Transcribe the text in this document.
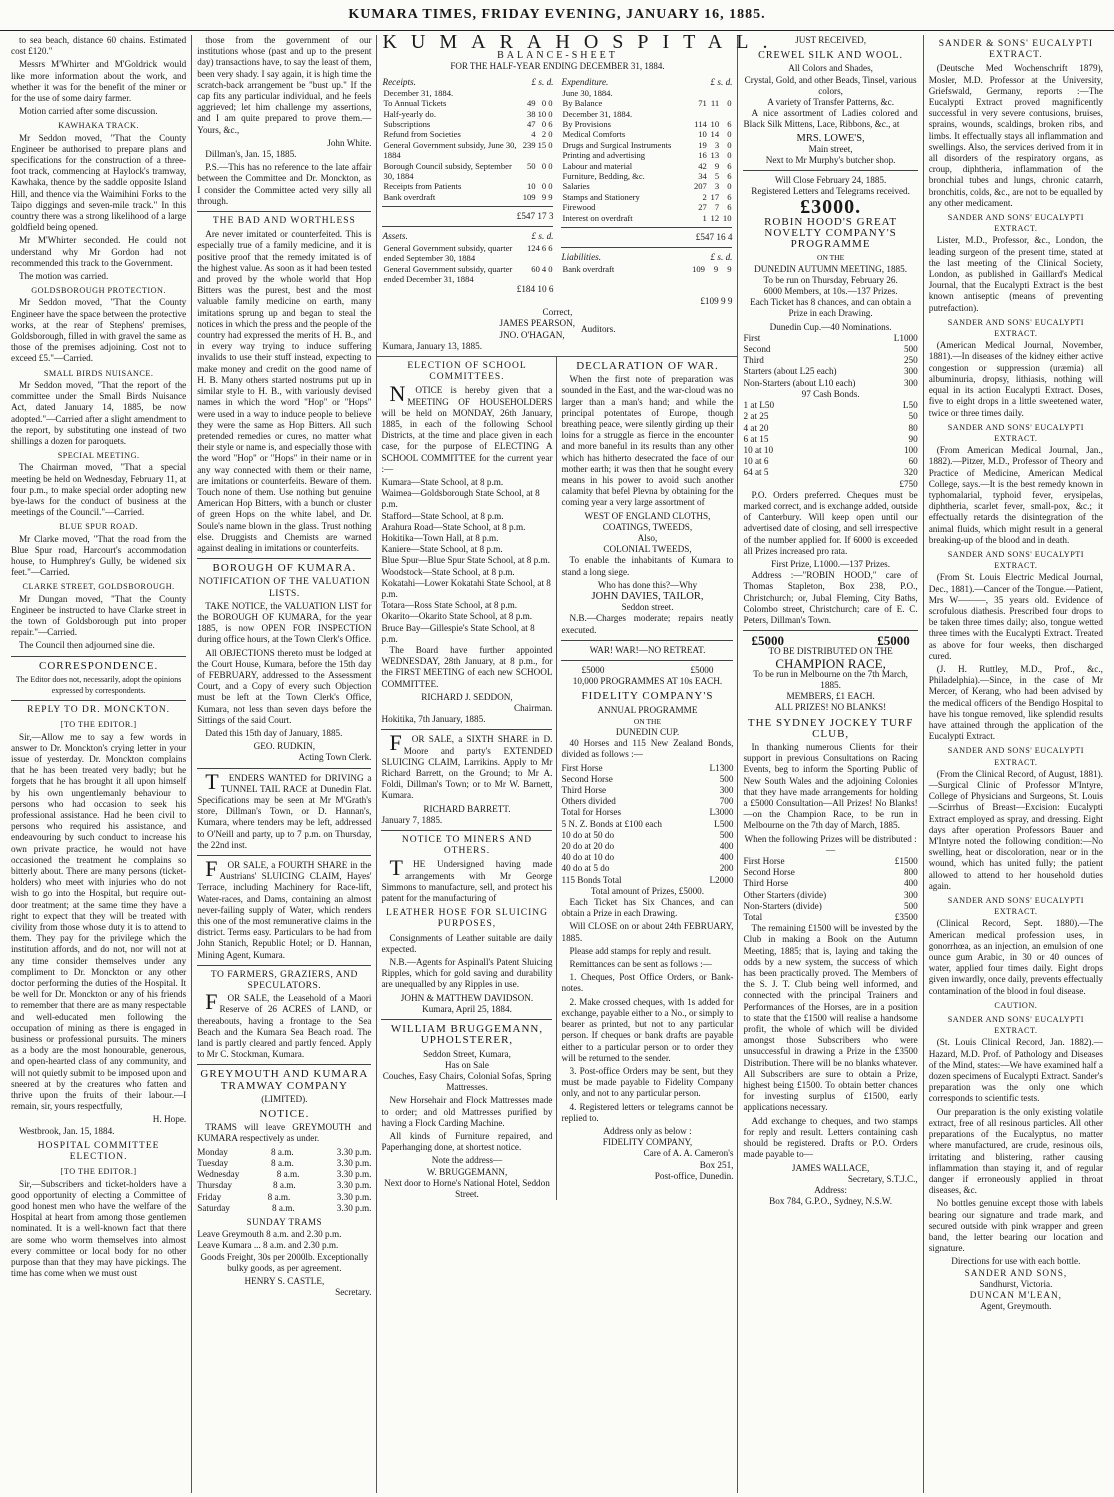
KUMARA TIMES, FRIDAY EVENING, JANUARY 16, 1885.

to sea beach, distance 60 chains. Estimated cost £120."

Messrs M'Whirter and M'Goldrick would like more information about the work, and whether it was for the benefit of the miner or for the use of some dairy farmer.

Motion carried after some discussion.

KAWHAKA TRACK.

Mr Seddon moved, "That the County Engineer be authorised to prepare plans and specifications for the construction of a three-foot track, commencing at Haylock's tramway, Kawhaka, thence by the saddle opposite Island Hill, and thence via the Waimihini Forks to the Taipo diggings and seven-mile track." In this country there was a strong likelihood of a large goldfield being opened.

Mr M'Whirter seconded. He could not understand why Mr Gordon had not recommended this track to the Government.

The motion was carried.

GOLDSBOROUGH PROTECTION.

Mr Seddon moved, "That the County Engineer have the space between the protective works, at the rear of Stephens' premises, Goldsborough, filled in with gravel the same as those of the premises adjoining. Cost not to exceed £5."—Carried.

SMALL BIRDS NUISANCE.

Mr Seddon moved, "That the report of the committee under the Small Birds Nuisance Act, dated January 14, 1885, be now adopted."—Carried after a slight amendment to the report, by substituting one instead of two shillings a dozen for paroquets.

SPECIAL MEETING.

The Chairman moved, "That a special meeting be held on Wednesday, February 11, at four p.m., to make special order adopting new bye-laws for the conduct of business at the meetings of the Council."—Carried.

BLUE SPUR ROAD.

Mr Clarke moved, "That the road from the Blue Spur road, Harcourt's accommodation house, to Humphrey's Gully, be widened six feet."—Carried.

CLARKE STREET, GOLDSBOROUGH.

Mr Dungan moved, "That the County Engineer be instructed to have Clarke street in the town of Goldsborough put into proper repair."—Carried.

The Council then adjourned sine die.

CORRESPONDENCE.

The Editor does not, necessarily, adopt the opinions expressed by correspondents.

REPLY TO DR. MONCKTON.
[TO THE EDITOR.]

Sir,—Allow me to say a few words in answer to Dr. Monckton's crying letter in your issue of yesterday. Dr. Monckton complains that he has been treated very badly; but he forgets that he has brought it all upon himself by his own ungentlemanly behaviour to persons who had occasion to seek his professional assistance. Had he been civil to persons who required his assistance, and endeavouring by such conduct to increase his own private practice, he would not have occasioned the treatment he complains so bitterly about. There are many persons (ticket-holders) who meet with injuries who do not wish to go into the Hospital, but require out-door treatment; at the same time they have a right to expect that they will be treated with civility from those whose duty it is to attend to them. They pay for the privilege which the institution affords, and do not, nor will not at any time consider themselves under any compliment to Dr. Monckton or any other doctor performing the duties of the Hospital. It be well for Dr. Monckton or any of his friends to remember that there are as many respectable and well-educated men following the occupation of mining as there is engaged in business or professional pursuits. The miners as a body are the most honourable, generous, and open-hearted class of any community, and will not quietly submit to be imposed upon and sneered at by the creatures who fatten and thrive upon the fruits of their labour.—I remain, sir, yours respectfully,

H. Hope.

Westbrook, Jan. 15, 1884.

HOSPITAL COMMITTEE ELECTION.
[TO THE EDITOR.]

Sir,—Subscribers and ticket-holders have a good opportunity of electing a Committee of good honest men who have the welfare of the Hospital at heart from among those gentlemen nominated. It is a well-known fact that there are some who worm themselves into almost every committee or local body for no other purpose than that they may have pickings. The time has come when we must oust

those from the government of our institutions whose (past and up to the present day) transactions have, to say the least of them, been very shady. I say again, it is high time the scratch-back arrangement be "bust up." If the cap fits any particular individual, and he feels aggrieved; let him challenge my assertions, and I am quite prepared to prove them.—Yours, &c.,

John White.

Dillman's, Jan. 15, 1885.

P.S.—This has no reference to the late affair between the Committee and Dr. Monckton, as I consider the Committee acted very silly all through.

THE BAD AND WORTHLESS

Are never imitated or counterfeited. This is especially true of a family medicine, and it is positive proof that the remedy imitated is of the highest value. As soon as it had been tested and proved by the whole world that Hop Bitters was the purest, best and the most valuable family medicine on earth, many imitations sprung up and began to steal the notices in which the press and the people of the country had expressed the merits of H. B., and in every way trying to induce suffering invalids to use their stuff instead, expecting to make money and credit on the good name of H. B. Many others started nostrums put up in similar style to H. B., with variously devised names in which the word "Hop" or "Hops" were used in a way to induce people to believe they were the same as Hop Bitters. All such pretended remedies or cures, no matter what their style or name is, and especially those with the word "Hop" or "Hops" in their name or in any way connected with them or their name, are imitations or counterfeits. Beware of them. Touch none of them. Use nothing but genuine American Hop Bitters, with a bunch or cluster of green Hops on the white label, and Dr. Soule's name blown in the glass. Trust nothing else. Druggists and Chemists are warned against dealing in imitations or counterfeits.

BOROUGH OF KUMARA.
NOTIFICATION OF THE VALUATION LISTS.

TAKE NOTICE, the VALUATION LIST for the BOROUGH OF KUMARA, for the year 1885, is now OPEN FOR INSPECTION during office hours, at the Town Clerk's Office.

All OBJECTIONS thereto must be lodged at the Court House, Kumara, before the 15th day of FEBRUARY, addressed to the Assessment Court, and a Copy of every such Objection must be left at the Town Clerk's Office, Kumara, not less than seven days before the Sittings of the said Court.

Dated this 15th day of January, 1885.

GEO. RUDKIN,
Acting Town Clerk.

TENDERS WANTED for DRIVING a TUNNEL TAIL RACE at Dunedin Flat. Specifications may be seen at Mr M'Grath's store, Dillman's Town, or D. Hannan's, Kumara, where tenders may be left, addressed to O'Neill and party, up to 7 p.m. on Thursday, the 22nd inst.

FOR SALE, a FOURTH SHARE in the Austrians' SLUICING CLAIM, Hayes' Terrace, including Machinery for Race-lift, Water-races, and Dams, containing an almost never-failing supply of Water, which renders this one of the most remunerative claims in the district. Terms easy. Particulars to be had from John Stanich, Republic Hotel; or D. Hannan, Mining Agent, Kumara.

TO FARMERS, GRAZIERS, AND SPECULATORS.

FOR SALE, the Leasehold of a Maori Reserve of 26 ACRES of LAND, or thereabouts, having a frontage to the Sea Beach and the Kumara Sea Beach road. The land is partly cleared and partly fenced. Apply to Mr C. Stockman, Kumara.

GREYMOUTH AND KUMARA TRAMWAY COMPANY
(LIMITED).
NOTICE.

TRAMS will leave GREYMOUTH and KUMARA respectively as under.

Monday	8 a.m.	3.30 p.m.
Tuesday	8 a.m.	3.30 p.m.
Wednesday	8 a.m.	3.30 p.m.
Thursday	8 a.m.	3.30 p.m.
Friday	8 a.m.	3.30 p.m.
Saturday	8 a.m.	3.30 p.m.
SUNDAY TRAMS
Leave Greymouth 8 a.m. and 2.30 p.m.
Leave Kumara ... 8 a.m. and 2.30 p.m.

Goods Freight, 30s per 2000lb. Exceptionally bulky goods, as per agreement.

HENRY S. CASTLE,
Secretary.
KUMARA HOSPITAL.
BALANCE-SHEET
FOR THE HALF-YEAR ENDING DECEMBER 31, 1884.
Receipts.	£ s. d.
December 31, 1884.			
To Annual Tickets	49	0	0
Half-yearly do.	38	10	0
Subscriptions	47	0	6
Refund from Societies	4	2	0
General Government subsidy, June 30, 1884	239	15	0
Borough Council subsidy, September 30, 1884	50	0	0
Receipts from Patients	10	0	0
Bank overdraft	109	9	9
£547 17 3
Assets.	£ s. d.
General Government subsidy, quarter ended September 30, 1884	124	6	6
General Government subsidy, quarter ended December 31, 1884	60	4	0
£184 10 6
Expenditure.	£ s. d.
June 30, 1884.			
By Balance	71	11	0
December 31, 1884.			
By Provisions	114	10	6
Medical Comforts	10	14	0
Drugs and Surgical Instruments	19	3	0
Printing and advertising	16	13	0
Labour and material	42	9	6
Furniture, Bedding, &c.	34	5	6
Salaries	207	3	0
Stamps and Stationery	2	17	6
Firewood	27	7	6
Interest on overdraft	1	12	10
£547 16 4
Liabilities.	£ s. d.
Bank overdraft	109	9	9
£109 9 9
Correct,
JAMES PEARSON,
JNO. O'HAGAN,
Auditors.
Kumara, January 13, 1885.
ELECTION OF SCHOOL COMMITTEES.

NOTICE is hereby given that a MEETING OF HOUSEHOLDERS will be held on MONDAY, 26th January, 1885, in each of the following School Districts, at the time and place given in each case, for the purpose of ELECTING A SCHOOL COMMITTEE for the current year :—

Kumara—State School, at 8 p.m.
Waimea—Goldsborough State School, at 8 p.m.
Stafford—State School, at 8 p.m.
Arahura Road—State School, at 8 p.m.
Hokitika—Town Hall, at 8 p.m.
Kaniere—State School, at 8 p.m.
Blue Spur—Blue Spur State School, at 8 p.m.
Woodstock—State School, at 8 p.m.
Kokatahi—Lower Kokatahi State School, at 8 p.m.
Totara—Ross State School, at 8 p.m.
Okarito—Okarito State School, at 8 p.m.
Bruce Bay—Gillespie's State School, at 8 p.m.

The Board have further appointed WEDNESDAY, 28th January, at 8 p.m., for the FIRST MEETING of each new SCHOOL COMMITTEE.

RICHARD J. SEDDON,
Chairman.
Hokitika, 7th January, 1885.

FOR SALE, a SIXTH SHARE in D. Moore and party's EXTENDED SLUICING CLAIM, Larrikins. Apply to Mr Richard Barrett, on the Ground; to Mr A. Foldi, Dillman's Town; or to Mr W. Barnett, Kumara.

RICHARD BARRETT.
January 7, 1885.
NOTICE TO MINERS AND OTHERS.

THE Undersigned having made arrangements with Mr George Simmons to manufacture, sell, and protect his patent for the manufacturing of

LEATHER HOSE FOR SLUICING PURPOSES,

Consignments of Leather suitable are daily expected.

N.B.—Agents for Aspinall's Patent Sluicing Ripples, which for gold saving and durability are unequalled by any Ripples in use.

JOHN & MATTHEW DAVIDSON.
Kumara, April 25, 1884.
WILLIAM BRUGGEMANN, UPHOLSTERER,
Seddon Street, Kumara,
Has on Sale

Couches, Easy Chairs, Colonial Sofas, Spring Mattresses.

New Horsehair and Flock Mattresses made to order; and old Mattresses purified by having a Flock Carding Machine.

All kinds of Furniture repaired, and Paperhanging done, at shortest notice.

Note the address—
W. BRUGGEMANN,
Next door to Horne's National Hotel, Seddon Street.
DECLARATION OF WAR.

When the first note of preparation was sounded in the East, and the war-cloud was no larger than a man's hand; and while the principal potentates of Europe, though breathing peace, were silently girding up their loins for a struggle as fierce in the encounter and more baneful in its results than any other which has hitherto desecrated the face of our mother earth; it was then that he sought every means in his power to avoid such another calamity that befel Plevna by obtaining for the coming year a very large assortment of

WEST OF ENGLAND CLOTHS, COATINGS, TWEEDS,
Also,
COLONIAL TWEEDS,

To enable the inhabitants of Kumara to stand a long siege.

Who has done this?—Why
JOHN DAVIES, TAILOR,
Seddon street.

N.B.—Charges moderate; repairs neatly executed.

WAR! WAR!—NO RETREAT.
£5000	£5000
10,000 PROGRAMMES AT 10s EACH.
FIDELITY COMPANY'S
ANNUAL PROGRAMME
ON THE
DUNEDIN CUP.

40 Horses and 115 New Zealand Bonds, divided as follows :—

First Horse	L1300
Second Horse	500
Third Horse	300
Others divided	700
Total for Horses	L3000
5 N. Z. Bonds at £100 each	L500
10 do at 50 do	500
20 do at 20 do	400
40 do at 10 do	400
40 do at 5 do	200
115 Bonds Total	L2000
Total amount of Prizes, £5000.

Each Ticket has Six Chances, and can obtain a Prize in each Drawing.

Will CLOSE on or about 24th FEBRUARY, 1885.

Please add stamps for reply and result.

Remittances can be sent as follows :—

1. Cheques, Post Office Orders, or Bank-notes.

2. Make crossed cheques, with 1s added for exchange, payable either to a No., or simply to bearer as printed, but not to any particular person. If cheques or bank drafts are payable either to a particular person or to order they will be returned to the sender.

3. Post-office Orders may be sent, but they must be made payable to Fidelity Company only, and not to any particular person.

4. Registered letters or telegrams cannot be replied to.

Address only as below :
FIDELITY COMPANY,
Care of A. A. Cameron's
Box 251,
Post-office, Dunedin.
JUST RECEIVED,
CREWEL SILK AND WOOL.
All Colors and Shades,
Crystal, Gold, and other Beads, Tinsel, various colors,
A variety of Transfer Patterns, &c.

A nice assortment of Ladies colored and Black Silk Mittens, Lace, Ribbons, &c., at

MRS. LOWE'S,
Main street,
Next to Mr Murphy's butcher shop.
Will Close February 24, 1885.
Registered Letters and Telegrams received.
£3000.
ROBIN HOOD'S GREAT NOVELTY COMPANY'S PROGRAMME
ON THE
DUNEDIN AUTUMN MEETING, 1885.
To be run on Thursday, February 26.
6000 Members, at 10s.—137 Prizes.

Each Ticket has 8 chances, and can obtain a Prize in each Drawing.

Dunedin Cup.—40 Nominations.
First	L1000
Second	500
Third	250
Starters (about L25 each)	300
Non-Starters (about L10 each)	300
97 Cash Bonds.
1 at L50	L50
2 at 25	50
4 at 20	80
6 at 15	90
10 at 10	100
10 at 6	60
64 at 5	320
£750

P.O. Orders preferred. Cheques must be marked correct, and is exchange added, outside of Canterbury. Will keep open until our advertised date of closing, and sell irrespective of the number applied for. If 6000 is exceeded all Prizes increased pro rata.

First Prize, L1000.—137 Prizes.

Address :—"ROBIN HOOD," care of Thomas Stapleton, Box 238, P.O., Christchurch; or, Jubal Fleming, City Baths, Colombo street, Christchurch; care of E. C. Peters, Dillman's Town.

£5000	£5000
TO BE DISTRIBUTED ON THE
CHAMPION RACE,
To be run in Melbourne on the 7th March, 1885.
MEMBERS, £1 EACH.
ALL PRIZES! NO BLANKS!
THE SYDNEY JOCKEY TURF CLUB,

In thanking numerous Clients for their support in previous Consultations on Racing Events, beg to inform the Sporting Public of New South Wales and the adjoining Colonies that they have made arrangements for holding a £5000 Consultation—All Prizes! No Blanks!—on the Champion Race, to be run in Melbourne on the 7th day of March, 1885.

When the following Prizes will be distributed :—
First Horse	£1500
Second Horse	800
Third Horse	400
Other Starters (divide)	300
Non-Starters (divide)	500
Total	£3500

The remaining £1500 will be invested by the Club in making a Book on the Autumn Meeting, 1885; that is, laying and taking the odds by a new system, the success of which has been practically proved. The Members of the S. J. T. Club being well informed, and connected with the principal Trainers and Performances of the Horses, are in a position to state that the £1500 will realise a handsome profit, the whole of which will be divided amongst those Subscribers who were unsuccessful in drawing a Prize in the £3500 Distribution. There will be no blanks whatever. All Subscribers are sure to obtain a Prize, highest being £1500. To obtain better chances for investing surplus of £1500, early applications necessary.

Add exchange to cheques, and two stamps for reply and result. Letters containing cash should be registered. Drafts or P.O. Orders made payable to—

JAMES WALLACE,
Secretary, S.T.J.C.,
Address:
Box 784, G.P.O., Sydney, N.S.W.
SANDER & SONS' EUCALYPTI EXTRACT.

(Deutsche Med Wochenschrift 1879), Mosler, M.D. Professor at the University, Griefswald, Germany, reports :—The Eucalypti Extract proved magnificently successful in very severe contusions, bruises, sprains, wounds, scaldings, broken ribs, and limbs. It effectually stays all inflammation and swellings. Also, the services derived from it in all disorders of the respiratory organs, as croup, diphtheria, inflammation of the bronchial tubes and lungs, chronic catarrh, bronchitis, colds, &c., are not to be equalled by any other medicament.

SANDER AND SONS' EUCALYPTI EXTRACT.

Lister, M.D., Professor, &c., London, the leading surgeon of the present time, stated at the last meeting of the Clinical Society, London, as published in Gaillard's Medical Journal, that the Eucalypti Extract is the best known antiseptic (means of preventing putrefaction).

SANDER AND SONS' EUCALYPTI EXTRACT.

(American Medical Journal, November, 1881).—In diseases of the kidney either active congestion or suppression (uræmia) all albuminuria, dropsy, lithiasis, nothing will equal in its action Eucalypti Extract. Doses, five to eight drops in a little sweetened water, twice or three times daily.

SANDER AND SONS' EUCALYPTI EXTRACT.

(From American Medical Journal, Jan., 1882).—Pitzer, M.D., Professor of Theory and Practice of Medicine, American Medical College, says.—It is the best remedy known in typhomalarial, typhoid fever, erysipelas, diphtheria, scarlet fever, small-pox, &c.; it effectually retards the disintegration of the animal fluids, which might result in a general breaking-up of the blood and in death.

SANDER AND SONS' EUCALYPTI EXTRACT.

(From St. Louis Electric Medical Journal, Dec., 1881).—Cancer of the Tongue.—Patient, Mrs W———, 35 years old. Evidence of scrofulous diathesis. Prescribed four drops to be taken three times daily; also, tongue wetted three times with the Eucalypti Extract. Treated as above for four weeks, then discharged cured.

(J. H. Ruttley, M.D., Prof., &c., Philadelphia).—Since, in the case of Mr Mercer, of Kerang, who had been advised by the medical officers of the Bendigo Hospital to have his tongue removed, like splendid results have attained through the application of the Eucalypti Extract.

SANDER AND SONS' EUCALYPTI EXTRACT.

(From the Clinical Record, of August, 1881).—Surgical Clinic of Professor M'Intyre, College of Physicians and Surgeons, St. Louis—Scirrhus of Breast—Excision: Eucalypti Extract employed as spray, and dressing. Eight days after operation Professors Bauer and M'Intyre noted the following condition:—No swelling, heat or discoloration, near or in the wound, which has united fully; the patient allowed to attend to her household duties again.

SANDER AND SONS' EUCALYPTI EXTRACT.

(Clinical Record, Sept. 1880).—The American medical profession uses, in gonorrhœa, as an injection, an emulsion of one ounce gum Arabic, in 30 or 40 ounces of water, applied four times daily. Eight drops given inwardly, once daily, prevents effectually contamination of the blood in foul disease.

CAUTION.
SANDER AND SONS' EUCALYPTI EXTRACT.

(St. Louis Clinical Record, Jan. 1882).—Hazard, M.D. Prof. of Pathology and Diseases of the Mind, states:—We have examined half a dozen specimens of Eucalypti Extract. Sander's preparation was the only one which corresponds to scientific tests.

Our preparation is the only existing volatile extract, free of all resinous particles. All other preparations of the Eucalyptus, no matter where manufactured, are crude, resinous oils, irritating and blistering, rather causing inflammation than staying it, and of regular danger if erroneously applied in throat diseases, &c.

No bottles genuine except those with labels bearing our signature and trade mark, and secured outside with pink wrapper and green band, the letter bearing our location and signature.

Directions for use with each bottle.
SANDER AND SONS,
Sandhurst, Victoria.
DUNCAN M'LEAN,
Agent, Greymouth.
